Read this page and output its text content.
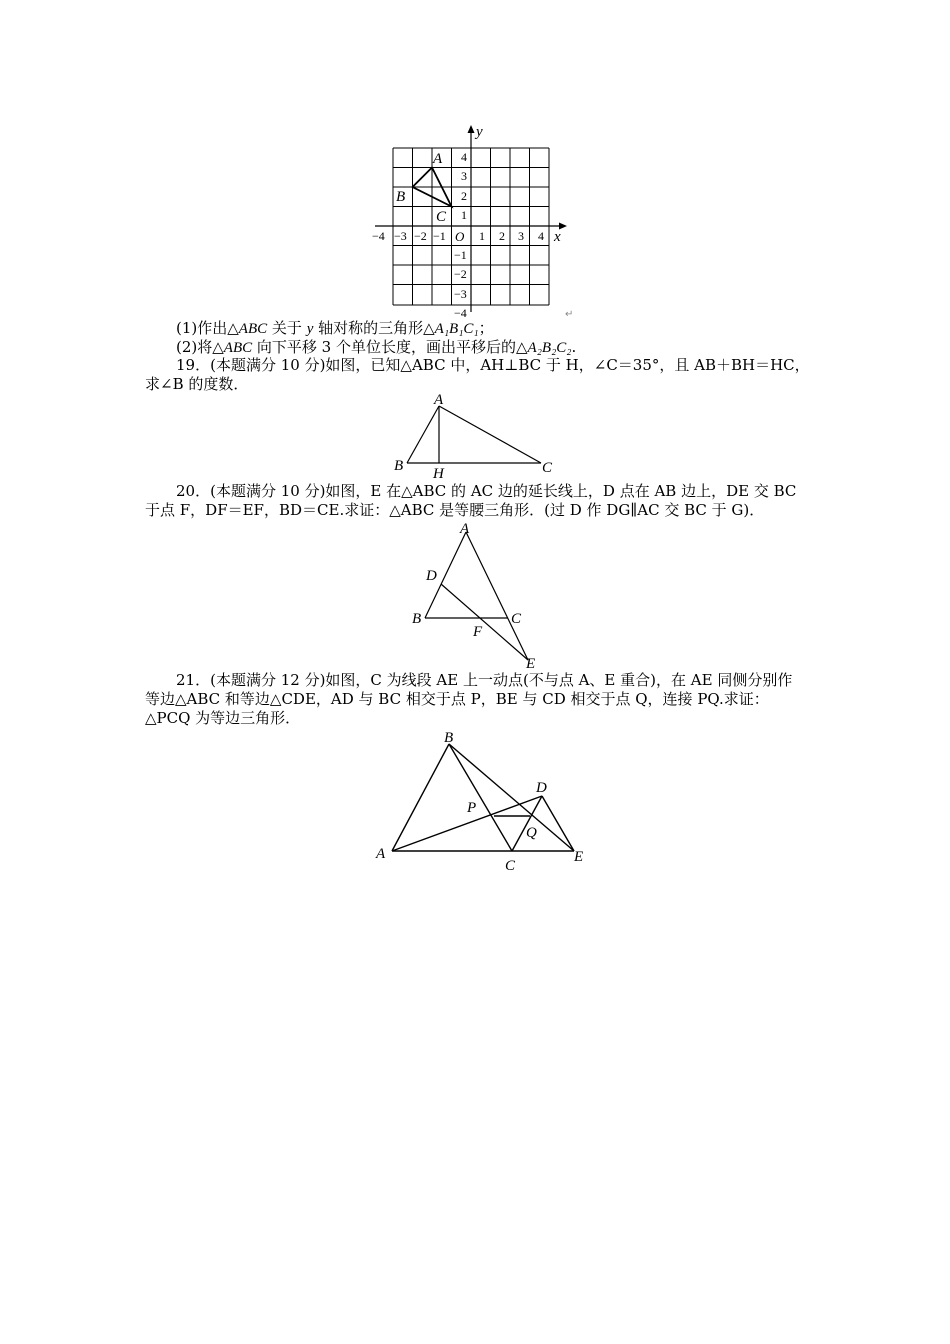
y
x
O
−4 −3 −2 −1	1 2 3 4
4
3
2
1
−1
−2
−3
−4
A
B
C
↵
(1)作出△ABC 关于 y 轴对称的三角形△A₁B₁C₁；
(2)将△ABC 向下平移 3 个单位长度，画出平移后的△A₂B₂C₂.
19．(本题满分 10 分)如图，已知△ABC 中，AH⊥BC 于 H，∠C＝35°，且 AB＋BH＝HC，
求∠B 的度数．
A
B H	C
20．(本题满分 10 分)如图，E 在△ABC 的 AC 边的延长线上，D 点在 AB 边上，DE 交 BC
于点 F，DF＝EF，BD＝CE.求证：△ABC 是等腰三角形．(过 D 作 DG∥AC 交 BC 于 G)．
A
D
B
F
C
E
21．(本题满分 12 分)如图，C 为线段 AE 上一动点(不与点 A、E 重合)，在 AE 同侧分别作
等边△ABC 和等边△CDE，AD 与 BC 相交于点 P，BE 与 CD 相交于点 Q，连接 PQ.求证：
△PCQ 为等边三角形．
B
D
P
Q
A
C
E
